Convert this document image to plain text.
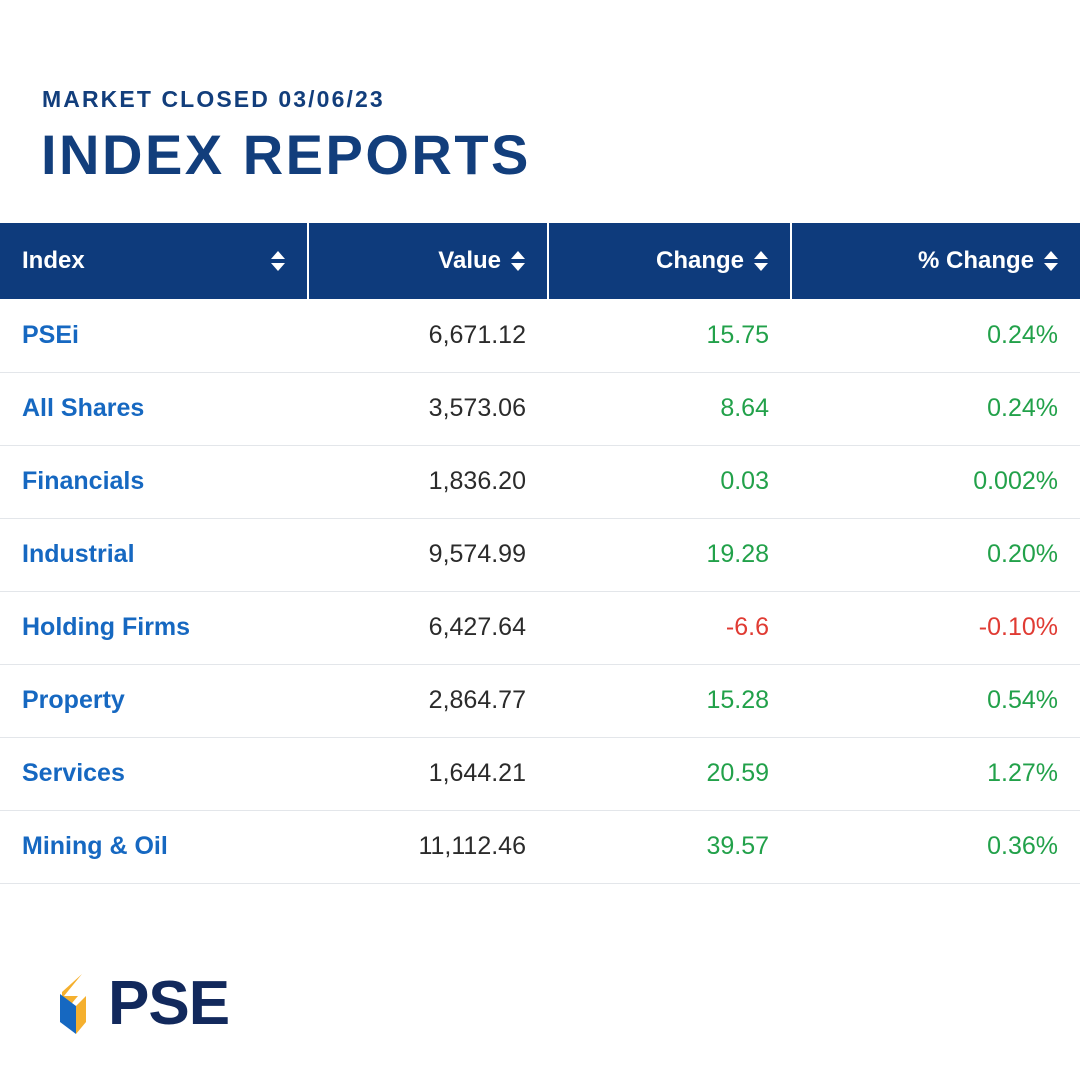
MARKET CLOSED 03/06/23
INDEX REPORTS
Index	Value	Change	% Change

PSEi	6,671.12	15.75	0.24%
All Shares	3,573.06	8.64	0.24%
Financials	1,836.20	0.03	0.002%
Industrial	9,574.99	19.28	0.20%
Holding Firms	6,427.64	-6.6	-0.10%
Property	2,864.77	15.28	0.54%
Services	1,644.21	20.59	1.27%
Mining & Oil	11,112.46	39.57	0.36%
PSE
